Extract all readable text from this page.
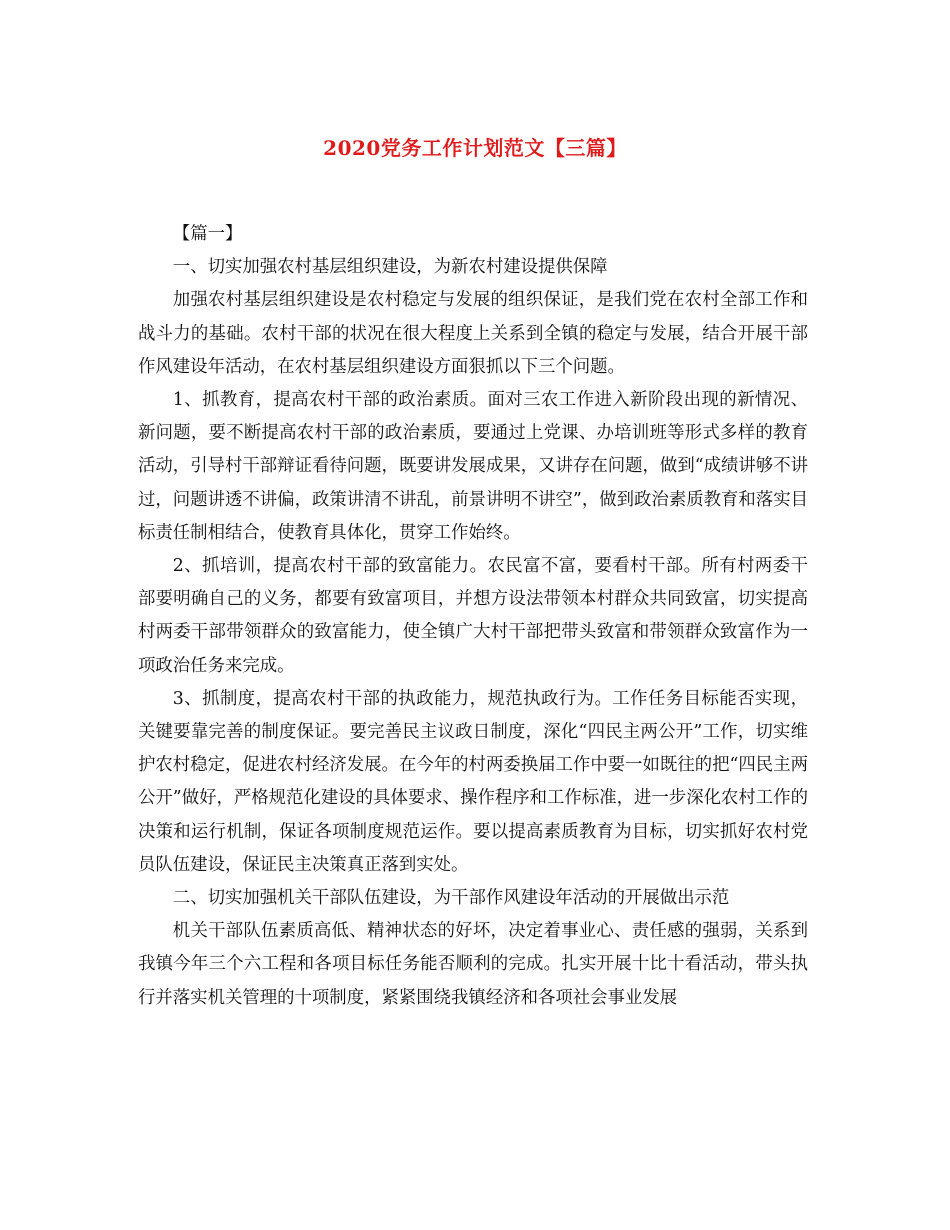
2020党务工作计划范文【三篇】

【篇一】

一、切实加强农村基层组织建设，为新农村建设提供保障

加强农村基层组织建设是农村稳定与发展的组织保证，是我们党在农村全部工作和战斗力的基础。农村干部的状况在很大程度上关系到全镇的稳定与发展，结合开展干部作风建设年活动，在农村基层组织建设方面狠抓以下三个问题。

1、抓教育，提高农村干部的政治素质。面对三农工作进入新阶段出现的新情况、新问题，要不断提高农村干部的政治素质，要通过上党课、办培训班等形式多样的教育活动，引导村干部辩证看待问题，既要讲发展成果，又讲存在问题，做到“成绩讲够不讲过，问题讲透不讲偏，政策讲清不讲乱，前景讲明不讲空”，做到政治素质教育和落实目标责任制相结合，使教育具体化，贯穿工作始终。

2、抓培训，提高农村干部的致富能力。农民富不富，要看村干部。所有村两委干部要明确自己的义务，都要有致富项目，并想方设法带领本村群众共同致富，切实提高村两委干部带领群众的致富能力，使全镇广大村干部把带头致富和带领群众致富作为一项政治任务来完成。

3、抓制度，提高农村干部的执政能力，规范执政行为。工作任务目标能否实现，关键要靠完善的制度保证。要完善民主议政日制度，深化“四民主两公开”工作，切实维护农村稳定，促进农村经济发展。在今年的村两委换届工作中要一如既往的把“四民主两公开”做好，严格规范化建设的具体要求、操作程序和工作标准，进一步深化农村工作的决策和运行机制，保证各项制度规范运作。要以提高素质教育为目标，切实抓好农村党员队伍建设，保证民主决策真正落到实处。

二、切实加强机关干部队伍建设，为干部作风建设年活动的开展做出示范

机关干部队伍素质高低、精神状态的好坏，决定着事业心、责任感的强弱，关系到我镇今年三个六工程和各项目标任务能否顺利的完成。扎实开展十比十看活动，带头执行并落实机关管理的十项制度，紧紧围绕我镇经济和各项社会事业发展
